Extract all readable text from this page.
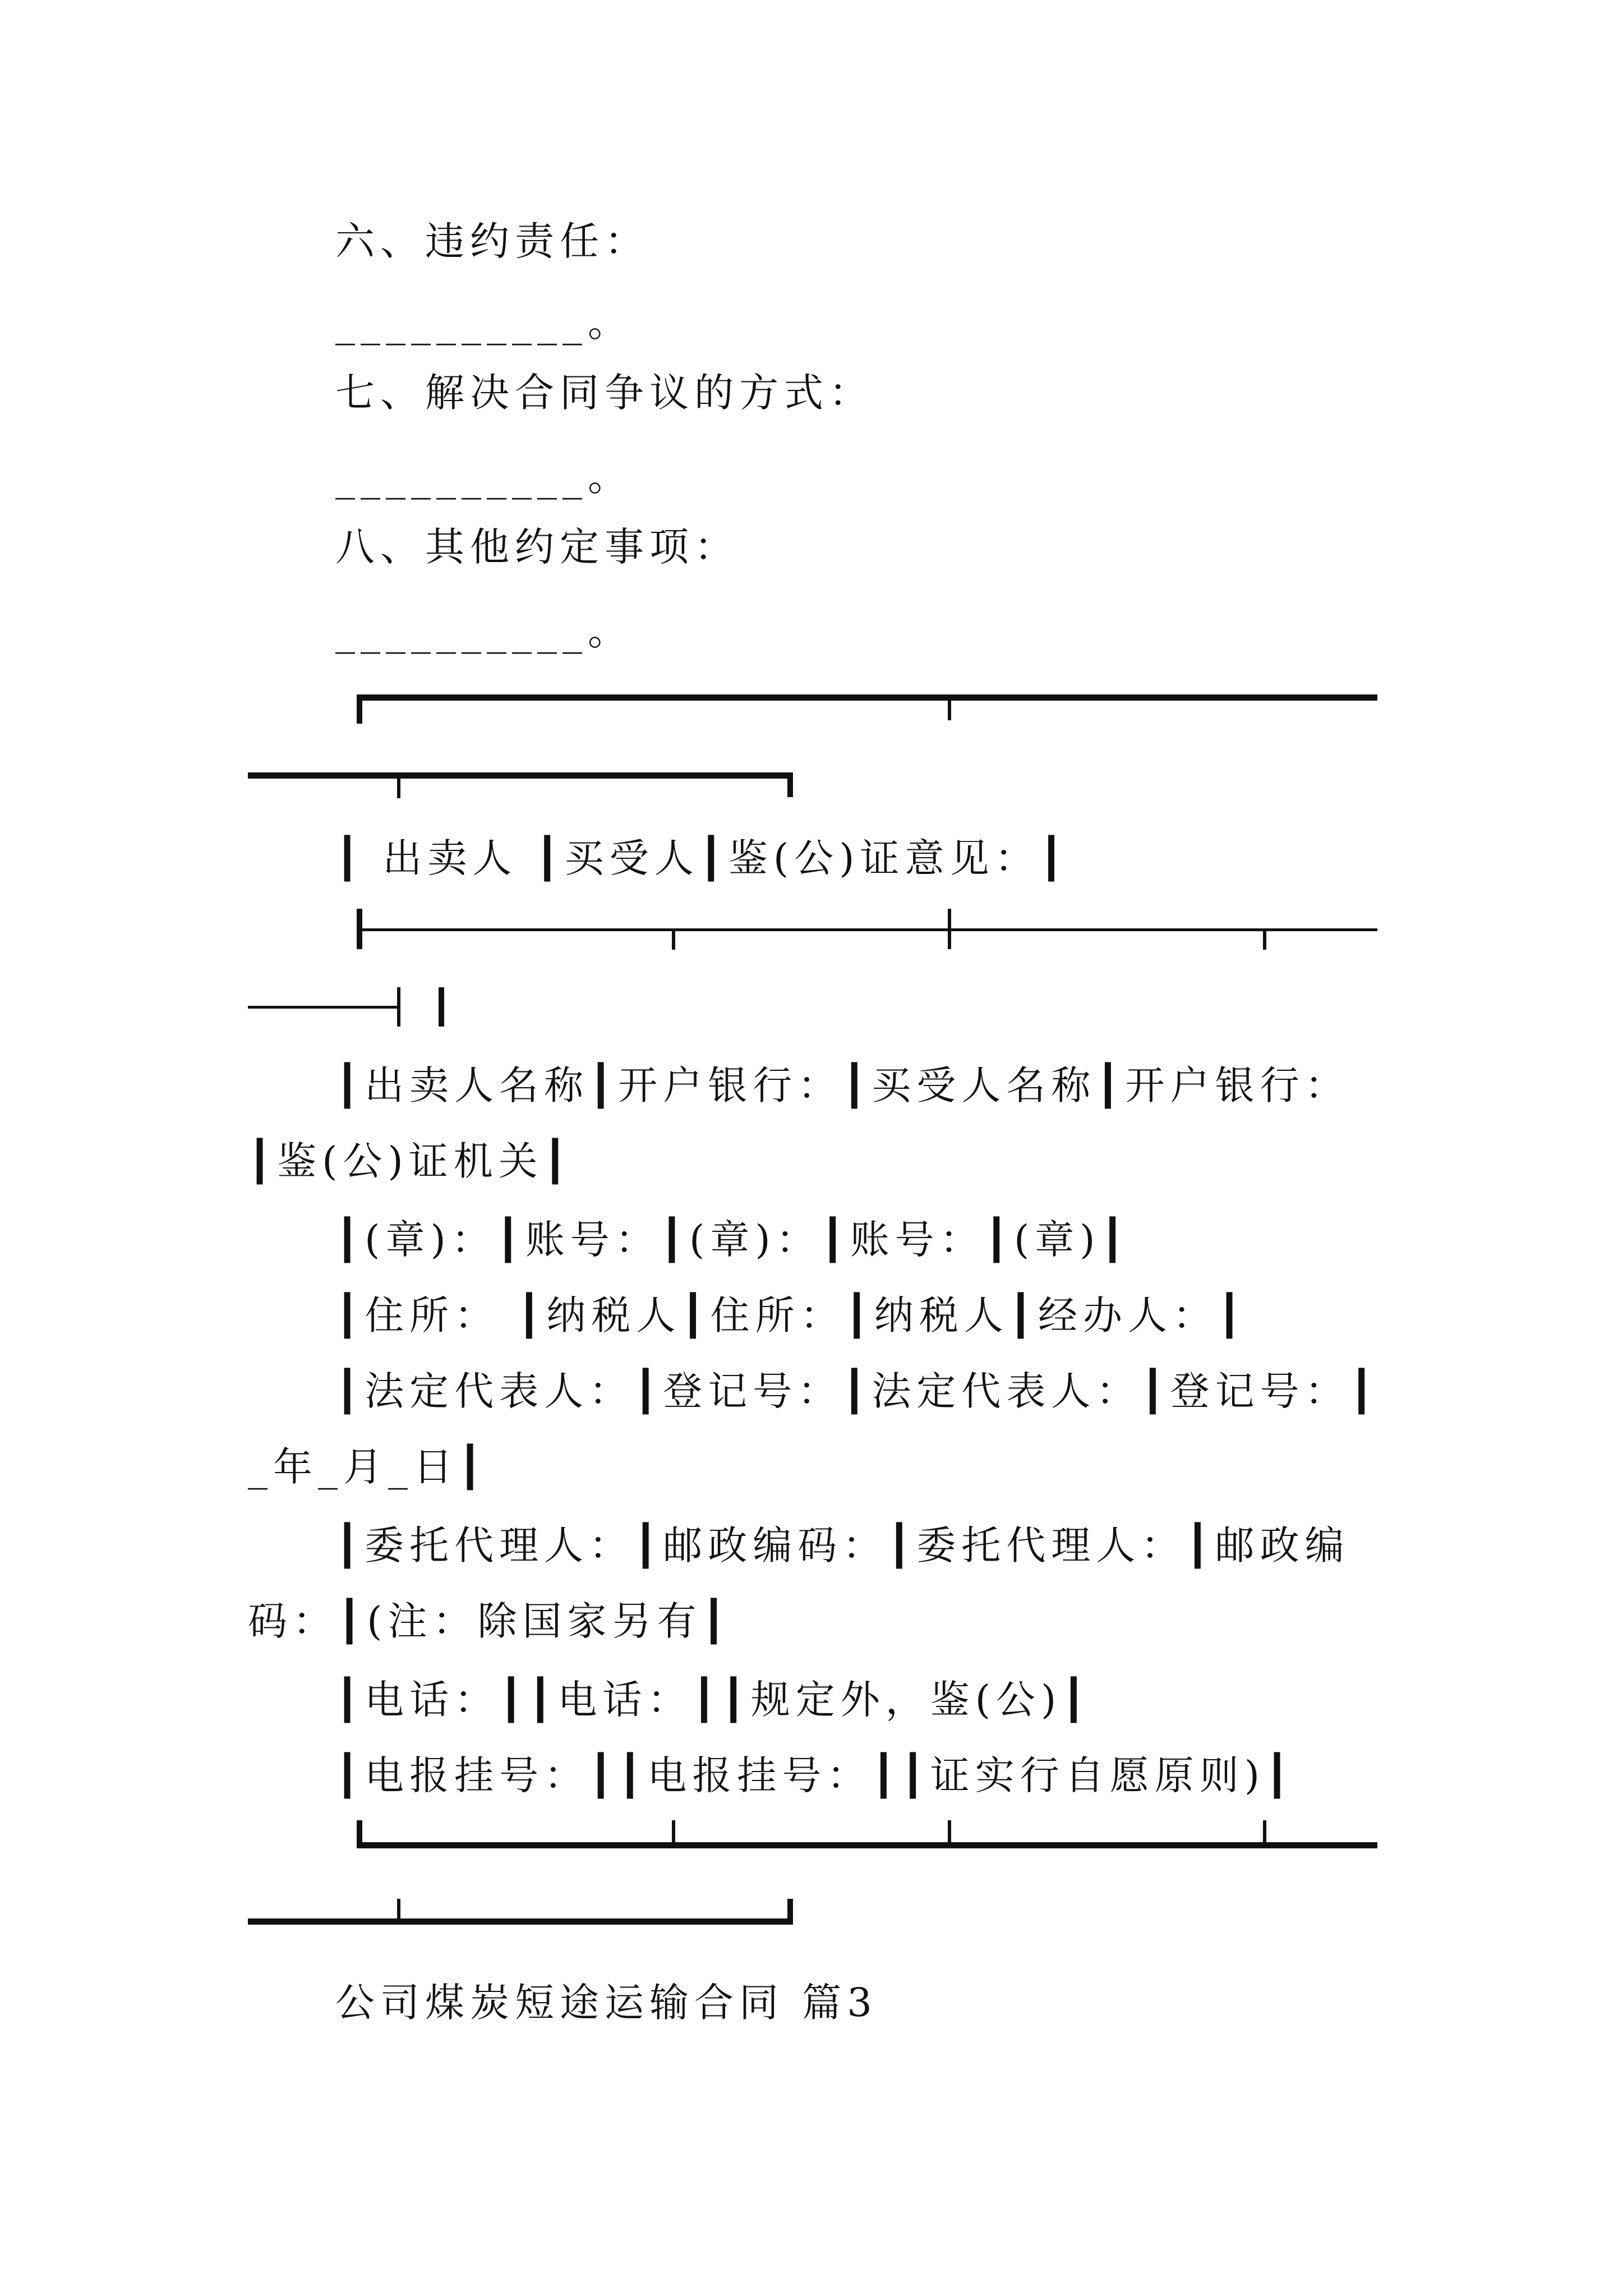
六、违约责任：
__________。
七、解决合同争议的方式：
__________。
八、其他约定事项：
__________。
┃ 出卖人 ┃买受人┃鉴(公)证意见：┃
┃出卖人名称┃开户银行：┃买受人名称┃开户银行：
┃鉴(公)证机关┃
┃(章)：┃账号：┃(章)：┃账号：┃(章)┃
┃住所： ┃纳税人┃住所：┃纳税人┃经办人：┃
┃法定代表人：┃登记号：┃法定代表人：┃登记号：┃
_年_月_日┃
┃委托代理人：┃邮政编码：┃委托代理人：┃邮政编
码：┃(注：除国家另有┃
┃电话：┃┃电话：┃┃规定外，鉴(公)┃
┃电报挂号：┃┃电报挂号：┃┃证实行自愿原则)┃
公司煤炭短途运输合同 篇3
